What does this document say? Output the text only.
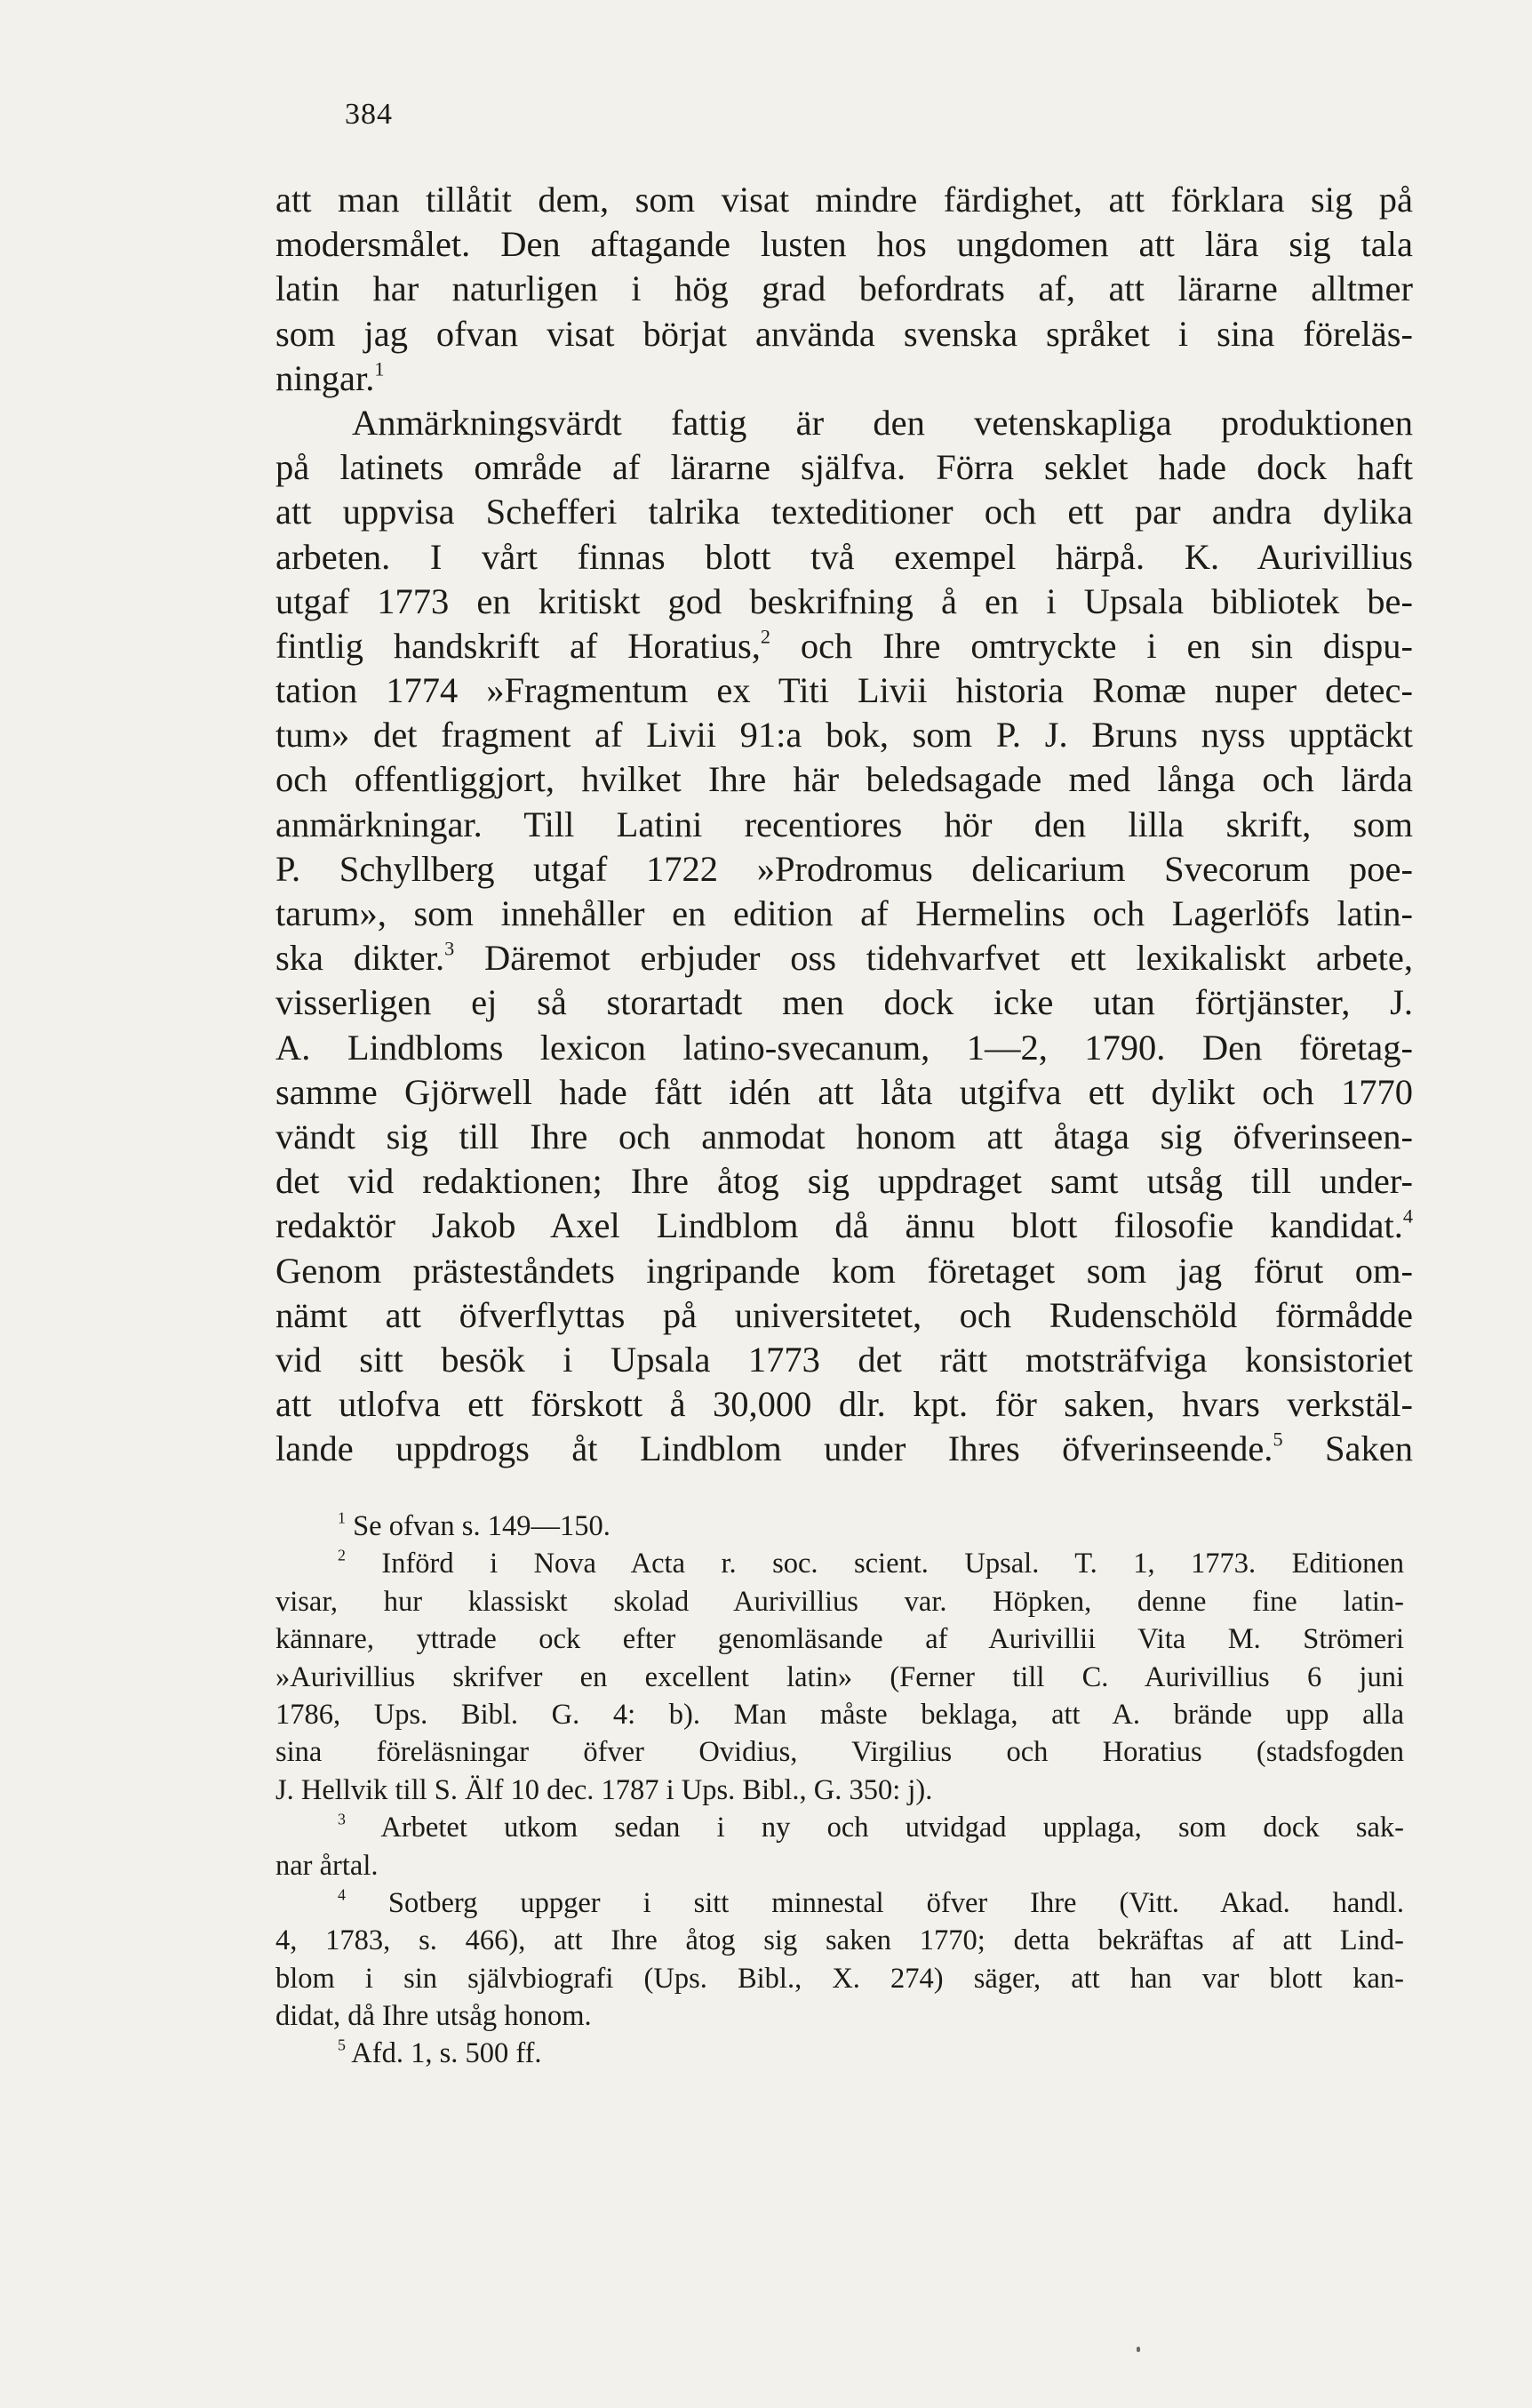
384
att man tillåtit dem, som visat mindre färdighet, att förklara sig på
modersmålet. Den aftagande lusten hos ungdomen att lära sig tala
latin har naturligen i hög grad befordrats af, att lärarne alltmer
som jag ofvan visat börjat använda svenska språket i sina föreläs-
ningar.$^1$
Anmärkningsvärdt fattig är den vetenskapliga produktionen
på latinets område af lärarne själfva. Förra seklet hade dock haft
att uppvisa Schefferi talrika texteditioner och ett par andra dylika
arbeten. I vårt finnas blott två exempel härpå. K. Aurivillius
utgaf 1773 en kritiskt god beskrifning å en i Upsala bibliotek be-
fintlig handskrift af Horatius,$^2$ och Ihre omtryckte i en sin dispu-
tation 1774 »Fragmentum ex Titi Livii historia Romæ nuper detec-
tum» det fragment af Livii 91:a bok, som P. J. Bruns nyss upptäckt
och offentliggjort, hvilket Ihre här beledsagade med långa och lärda
anmärkningar. Till Latini recentiores hör den lilla skrift, som
P. Schyllberg utgaf 1722 »Prodromus delicarium Svecorum poe-
tarum», som innehåller en edition af Hermelins och Lagerlöfs latin-
ska dikter.$^3$ Däremot erbjuder oss tidehvarfvet ett lexikaliskt arbete,
visserligen ej så storartadt men dock icke utan förtjänster, J.
A. Lindbloms lexicon latino-svecanum, 1—2, 1790. Den företag-
samme Gjörwell hade fått idén att låta utgifva ett dylikt och 1770
vändt sig till Ihre och anmodat honom att åtaga sig öfverinseen-
det vid redaktionen; Ihre åtog sig uppdraget samt utsåg till under-
redaktör Jakob Axel Lindblom då ännu blott filosofie kandidat.$^4$
Genom prästeståndets ingripande kom företaget som jag förut om-
nämt att öfverflyttas på universitetet, och Rudenschöld förmådde
vid sitt besök i Upsala 1773 det rätt motsträfviga konsistoriet
att utlofva ett förskott å 30,000 dlr. kpt. för saken, hvars verkstäl-
lande uppdrogs åt Lindblom under Ihres öfverinseende.$^5$ Saken
$^1$ Se ofvan s. 149—150.
$^2$ Införd i Nova Acta r. soc. scient. Upsal. T. 1, 1773. Editionen
visar, hur klassiskt skolad Aurivillius var. Höpken, denne fine latin-
kännare, yttrade ock efter genomläsande af Aurivillii Vita M. Strömeri
»Aurivillius skrifver en excellent latin» (Ferner till C. Aurivillius 6 juni
1786, Ups. Bibl. G. 4: b). Man måste beklaga, att A. brände upp alla
sina föreläsningar öfver Ovidius, Virgilius och Horatius (stadsfogden
J. Hellvik till S. Älf 10 dec. 1787 i Ups. Bibl., G. 350: j).
$^3$ Arbetet utkom sedan i ny och utvidgad upplaga, som dock sak-
nar årtal.
$^4$ Sotberg uppger i sitt minnestal öfver Ihre (Vitt. Akad. handl.
4, 1783, s. 466), att Ihre åtog sig saken 1770; detta bekräftas af att Lind-
blom i sin självbiografi (Ups. Bibl., X. 274) säger, att han var blott kan-
didat, då Ihre utsåg honom.
$^5$ Afd. 1, s. 500 ff.
